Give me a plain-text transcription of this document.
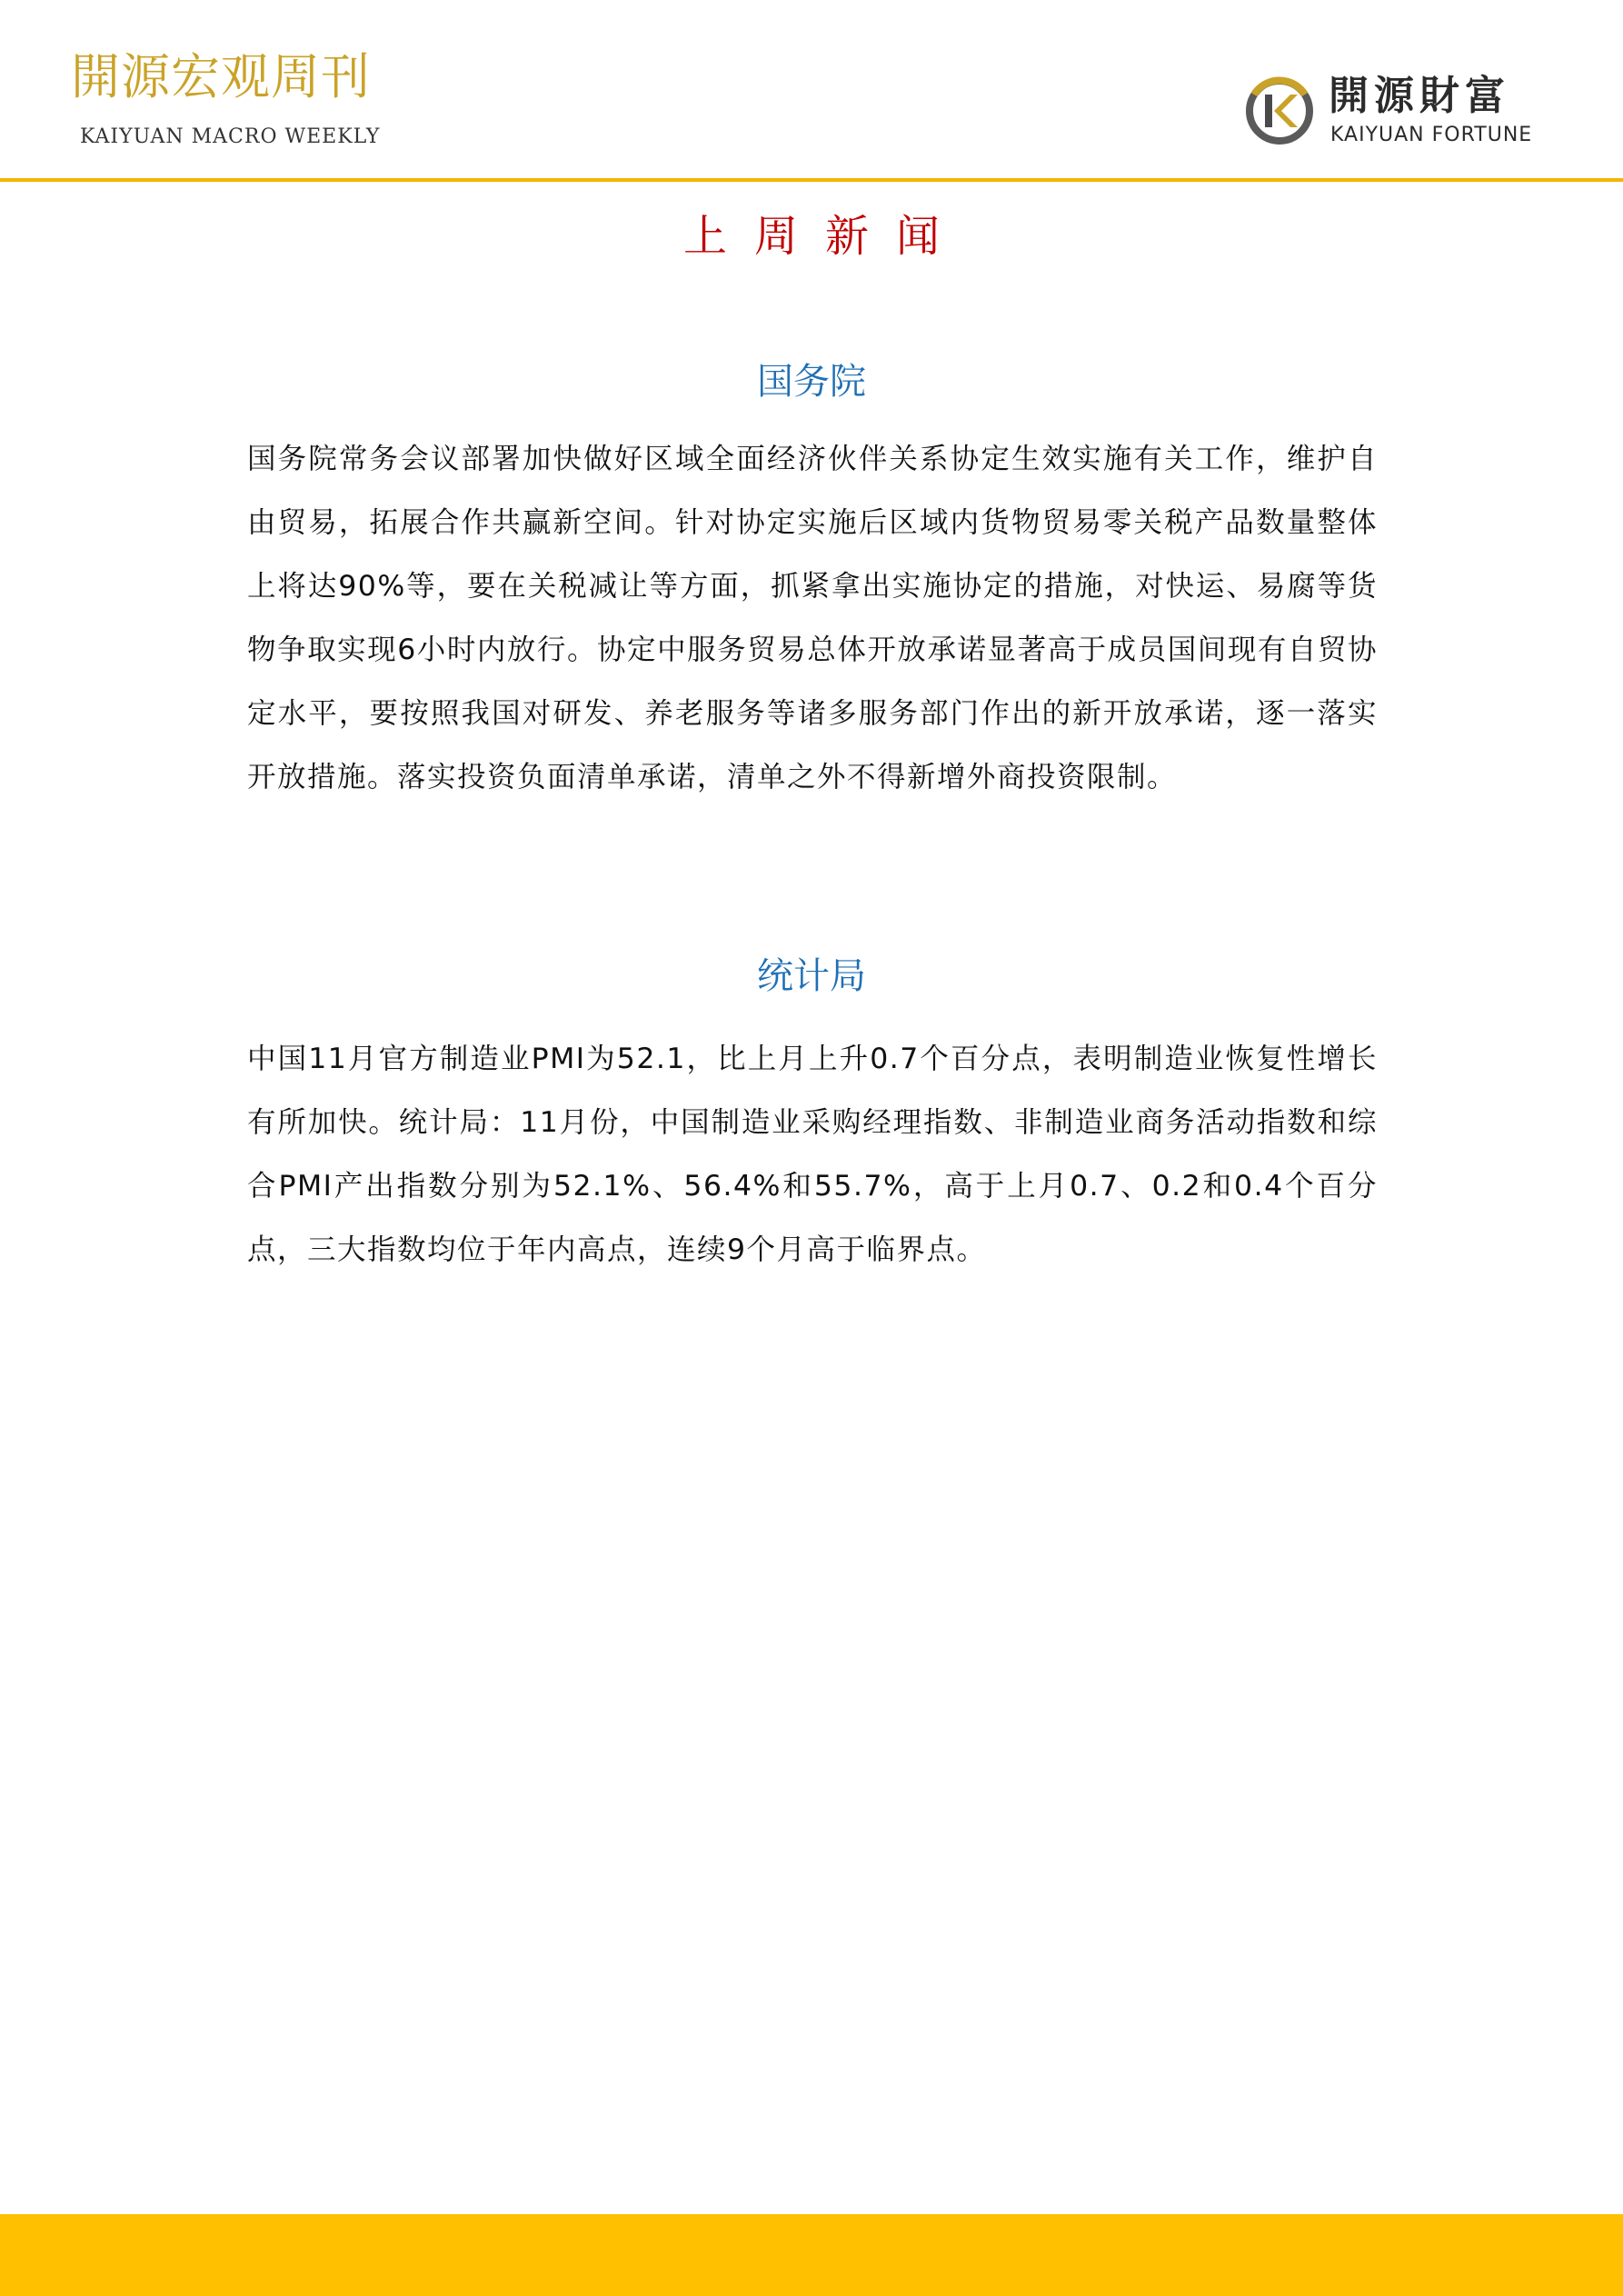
開源宏观周刊
KAIYUAN MACRO WEEKLY
開源財富
KAIYUAN FORTUNE
上周新闻
国务院

国务院常务会议部署加快做好区域全面经济伙伴关系协定生效实施有关工作，维护自由贸易，拓展合作共赢新空间。针对协定实施后区域内货物贸易零关税产品数量整体上将达90%等，要在关税减让等方面，抓紧拿出实施协定的措施，对快运、易腐等货物争取实现6小时内放行。协定中服务贸易总体开放承诺显著高于成员国间现有自贸协定水平，要按照我国对研发、养老服务等诸多服务部门作出的新开放承诺，逐一落实开放措施。落实投资负面清单承诺，清单之外不得新增外商投资限制。

统计局

中国11月官方制造业PMI为52.1，比上月上升0.7个百分点，表明制造业恢复性增长有所加快。统计局：11月份，中国制造业采购经理指数、非制造业商务活动指数和综合PMI产出指数分别为52.1%、56.4%和55.7%，高于上月0.7、0.2和0.4个百分点，三大指数均位于年内高点，连续9个月高于临界点。
